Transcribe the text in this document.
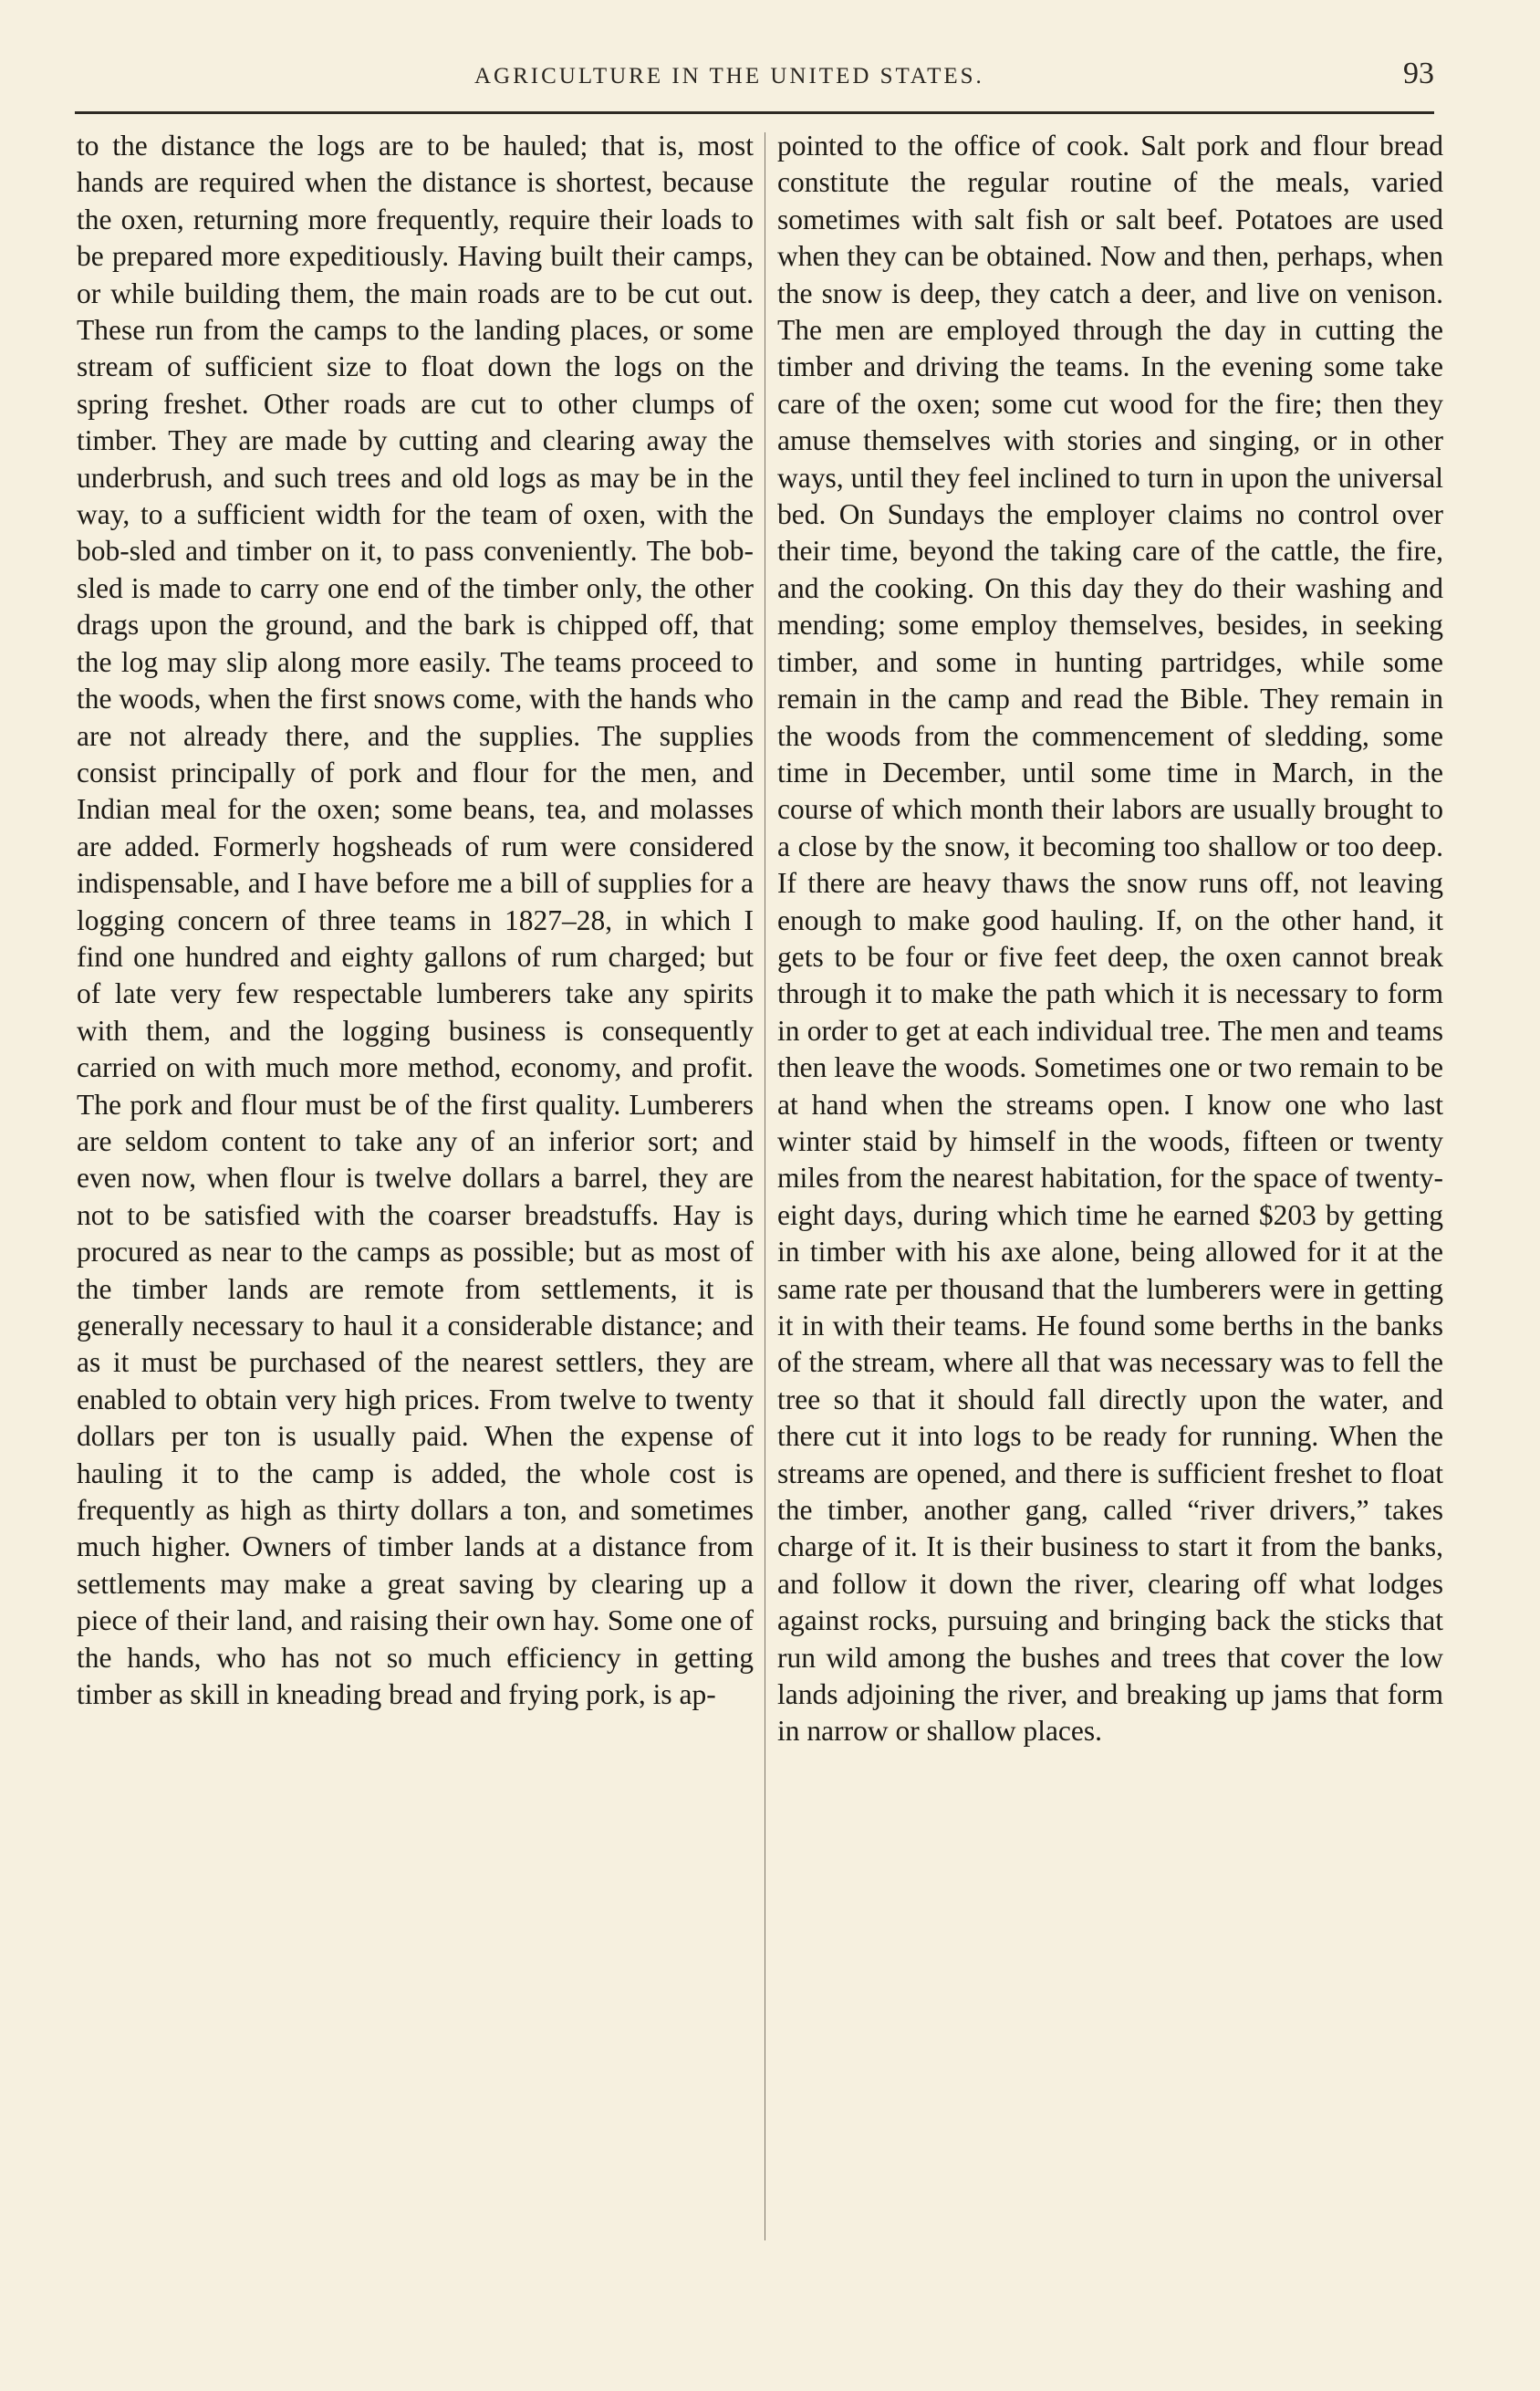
AGRICULTURE IN THE UNITED STATES.	93

to the distance the logs are to be hauled; that is, most hands are required when the distance is shortest, because the oxen, returning more frequently, require their loads to be prepared more expeditiously. Having built their camps, or while building them, the main roads are to be cut out. These run from the camps to the landing places, or some stream of sufficient size to float down the logs on the spring freshet. Other roads are cut to other clumps of timber. They are made by cutting and clearing away the underbrush, and such trees and old logs as may be in the way, to a sufficient width for the team of oxen, with the bob-sled and timber on it, to pass conveniently. The bob-sled is made to carry one end of the timber only, the other drags upon the ground, and the bark is chipped off, that the log may slip along more easily. The teams proceed to the woods, when the first snows come, with the hands who are not already there, and the supplies. The supplies consist principally of pork and flour for the men, and Indian meal for the oxen; some beans, tea, and molasses are added. Formerly hogsheads of rum were considered indispensable, and I have before me a bill of supplies for a logging concern of three teams in 1827–28, in which I find one hundred and eighty gallons of rum charged; but of late very few respectable lumberers take any spirits with them, and the logging business is consequently carried on with much more method, economy, and profit. The pork and flour must be of the first quality. Lumberers are seldom content to take any of an inferior sort; and even now, when flour is twelve dollars a barrel, they are not to be satisfied with the coarser breadstuffs. Hay is procured as near to the camps as possible; but as most of the timber lands are remote from settlements, it is generally necessary to haul it a considerable distance; and as it must be purchased of the nearest settlers, they are enabled to obtain very high prices. From twelve to twenty dollars per ton is usually paid. When the expense of hauling it to the camp is added, the whole cost is frequently as high as thirty dollars a ton, and sometimes much higher. Owners of timber lands at a distance from settlements may make a great saving by clearing up a piece of their land, and raising their own hay. Some one of the hands, who has not so much efficiency in getting timber as skill in kneading bread and frying pork, is ap-

pointed to the office of cook. Salt pork and flour bread constitute the regular routine of the meals, varied sometimes with salt fish or salt beef. Potatoes are used when they can be obtained. Now and then, perhaps, when the snow is deep, they catch a deer, and live on venison. The men are employed through the day in cutting the timber and driving the teams. In the evening some take care of the oxen; some cut wood for the fire; then they amuse themselves with stories and singing, or in other ways, until they feel inclined to turn in upon the universal bed. On Sundays the employer claims no control over their time, beyond the taking care of the cattle, the fire, and the cooking. On this day they do their washing and mending; some employ themselves, besides, in seeking timber, and some in hunting partridges, while some remain in the camp and read the Bible. They remain in the woods from the commencement of sledding, some time in December, until some time in March, in the course of which month their labors are usually brought to a close by the snow, it becoming too shallow or too deep. If there are heavy thaws the snow runs off, not leaving enough to make good hauling. If, on the other hand, it gets to be four or five feet deep, the oxen cannot break through it to make the path which it is necessary to form in order to get at each individual tree. The men and teams then leave the woods. Sometimes one or two remain to be at hand when the streams open. I know one who last winter staid by himself in the woods, fifteen or twenty miles from the nearest habitation, for the space of twenty-eight days, during which time he earned $203 by getting in timber with his axe alone, being allowed for it at the same rate per thousand that the lumberers were in getting it in with their teams. He found some berths in the banks of the stream, where all that was necessary was to fell the tree so that it should fall directly upon the water, and there cut it into logs to be ready for running. When the streams are opened, and there is sufficient freshet to float the timber, another gang, called “river drivers,” takes charge of it. It is their business to start it from the banks, and follow it down the river, clearing off what lodges against rocks, pursuing and bringing back the sticks that run wild among the bushes and trees that cover the low lands adjoining the river, and breaking up jams that form in narrow or shallow places.
